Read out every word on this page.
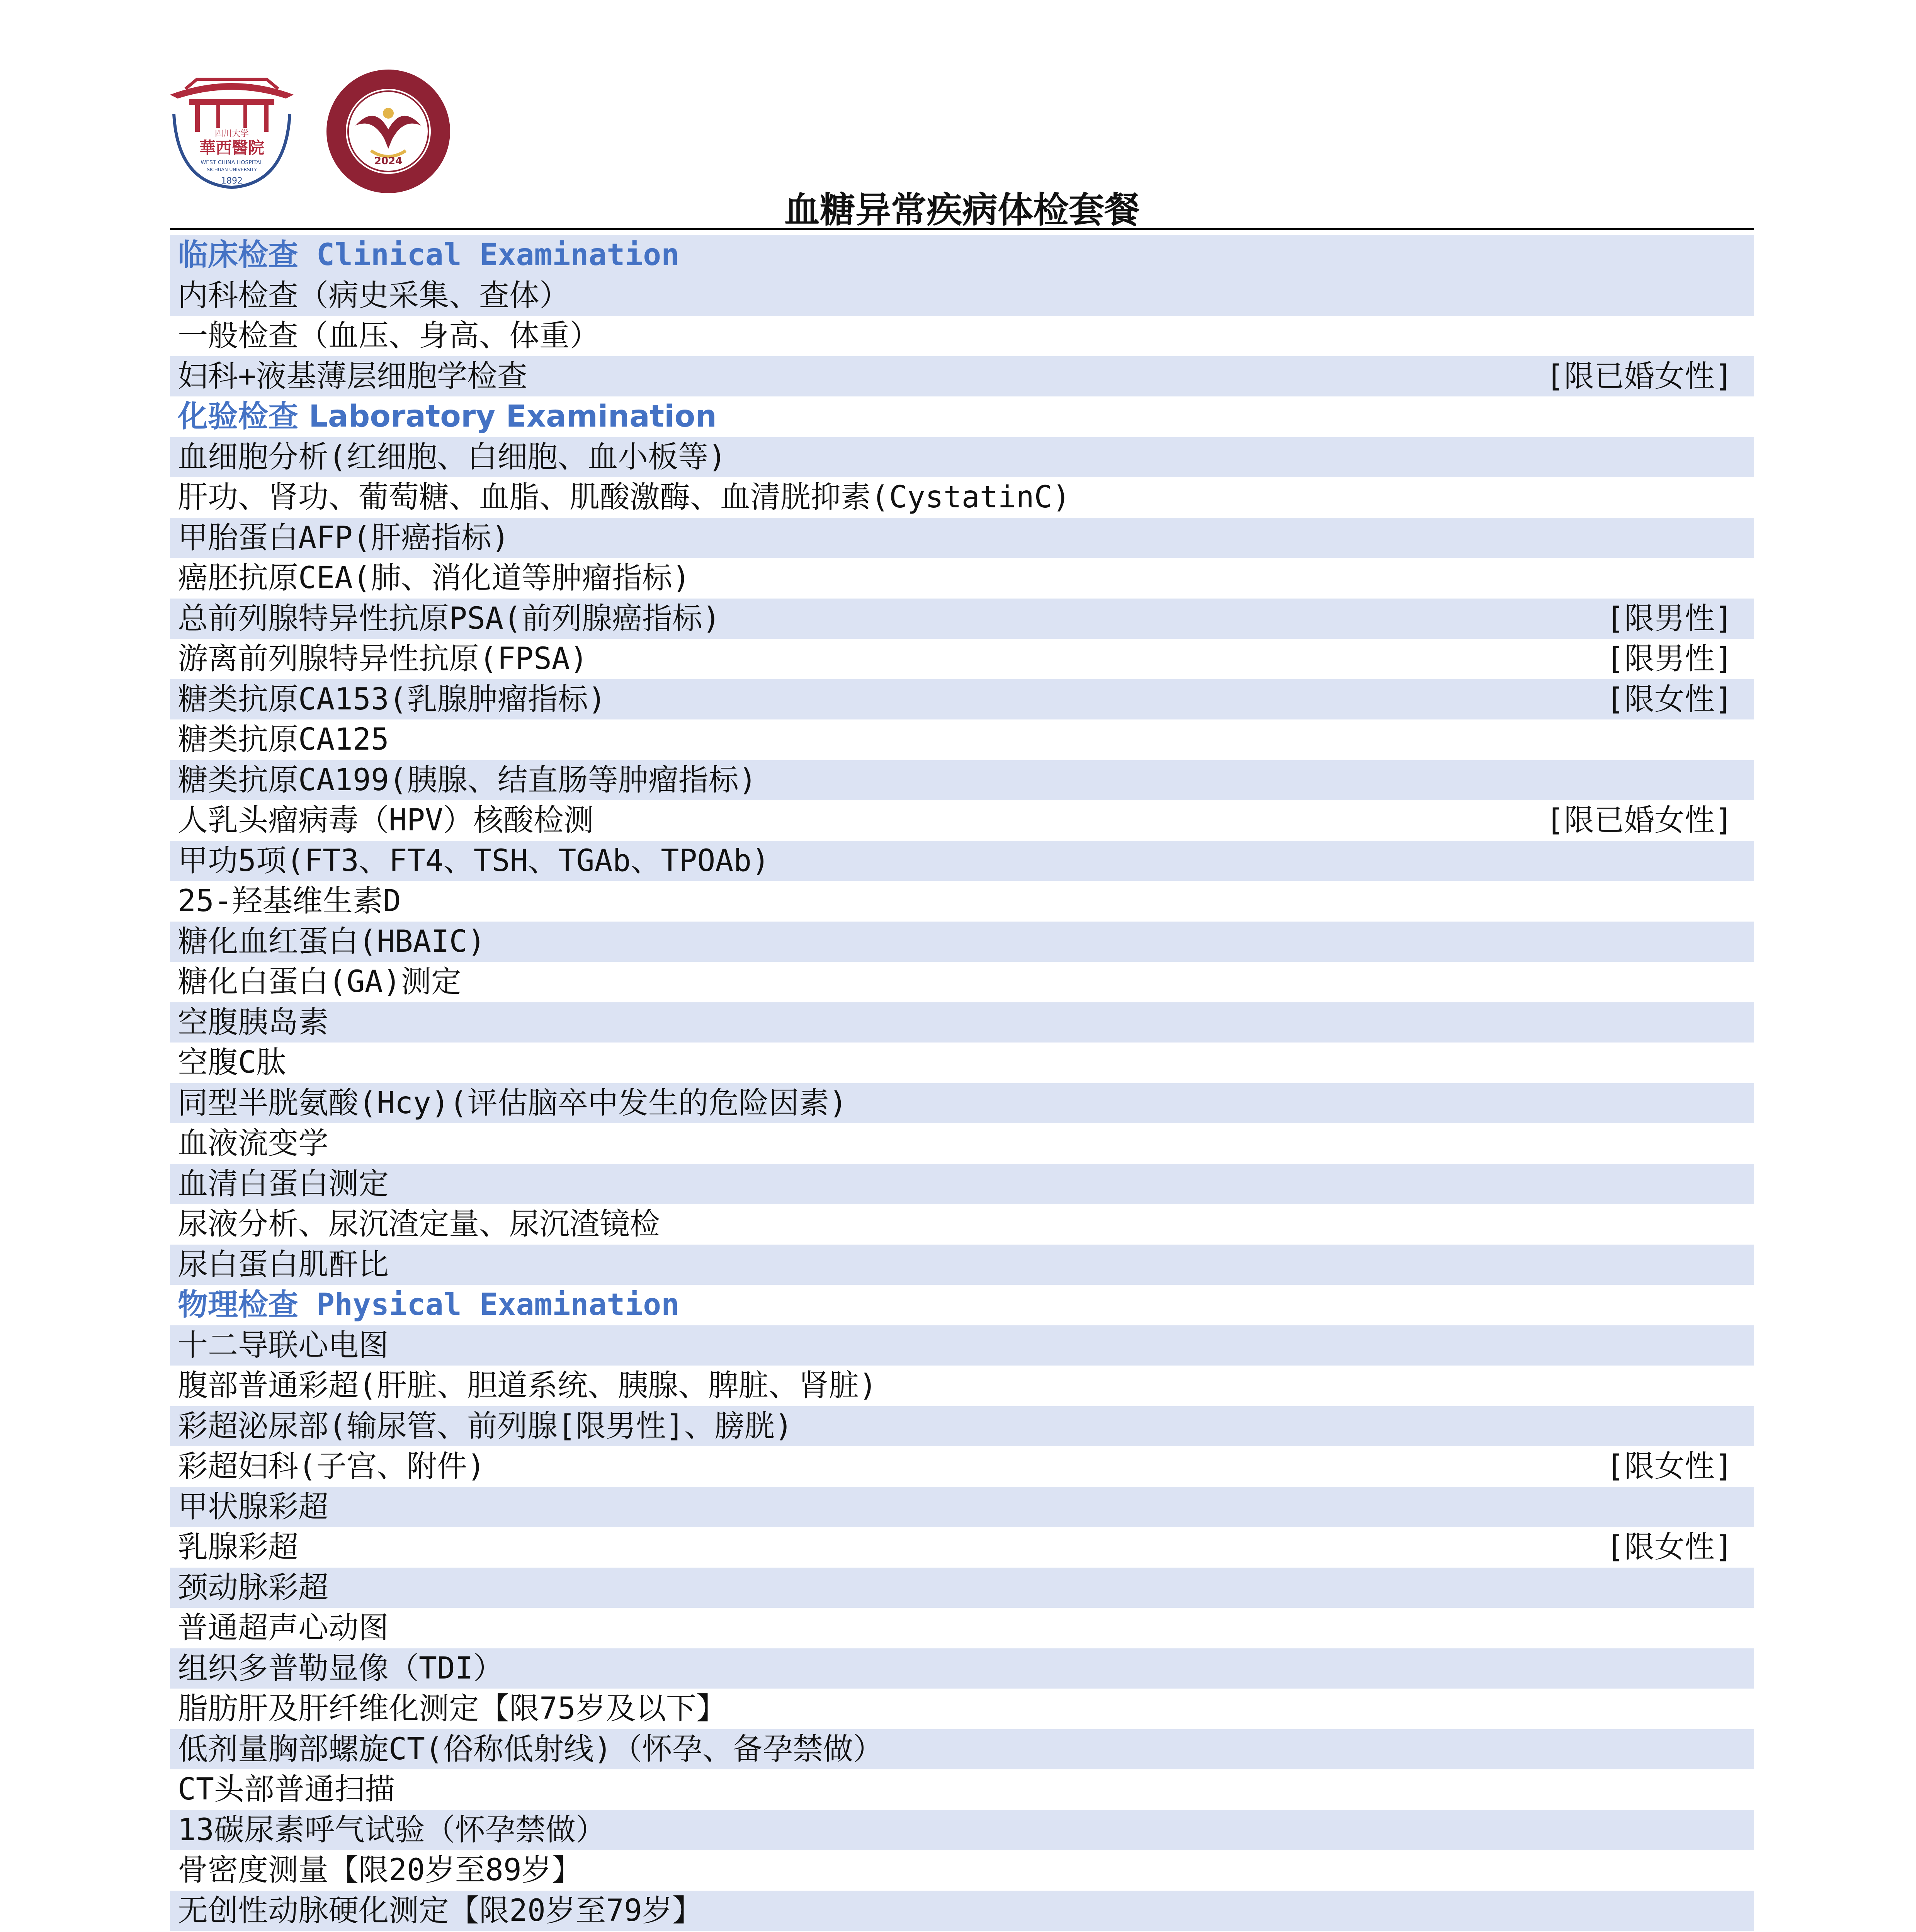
四川大学
華西醫院
WEST CHINA HOSPITAL
SICHUAN UNIVERSITY
1892
2024
血糖异常疾病体检套餐
临床检查 Clinical Examination
内科检查（病史采集、查体）
一般检查（血压、身高、体重）
妇科+液基薄层细胞学检查	[限已婚女性]
化验检查 Laboratory Examination
血细胞分析(红细胞、白细胞、血小板等)
肝功、肾功、葡萄糖、血脂、肌酸激酶、血清胱抑素(CystatinC)
甲胎蛋白AFP(肝癌指标)
癌胚抗原CEA(肺、消化道等肿瘤指标)
总前列腺特异性抗原PSA(前列腺癌指标)	[限男性]
游离前列腺特异性抗原(FPSA)	[限男性]
糖类抗原CA153(乳腺肿瘤指标)	[限女性]
糖类抗原CA125
糖类抗原CA199(胰腺、结直肠等肿瘤指标)
人乳头瘤病毒（HPV）核酸检测	[限已婚女性]
甲功5项(FT3、FT4、TSH、TGAb、TPOAb)
25-羟基维生素D
糖化血红蛋白(HBAIC)
糖化白蛋白(GA)测定
空腹胰岛素
空腹C肽
同型半胱氨酸(Hcy)(评估脑卒中发生的危险因素)
血液流变学
血清白蛋白测定
尿液分析、尿沉渣定量、尿沉渣镜检
尿白蛋白肌酐比
物理检查 Physical Examination
十二导联心电图
腹部普通彩超(肝脏、胆道系统、胰腺、脾脏、肾脏)
彩超泌尿部(输尿管、前列腺[限男性]、膀胱)
彩超妇科(子宫、附件)	[限女性]
甲状腺彩超
乳腺彩超	[限女性]
颈动脉彩超
普通超声心动图
组织多普勒显像（TDI）
脂肪肝及肝纤维化测定【限75岁及以下】
低剂量胸部螺旋CT(俗称低射线)（怀孕、备孕禁做）
CT头部普通扫描
13碳尿素呼气试验（怀孕禁做）
骨密度测量【限20岁至89岁】
无创性动脉硬化测定【限20岁至79岁】
